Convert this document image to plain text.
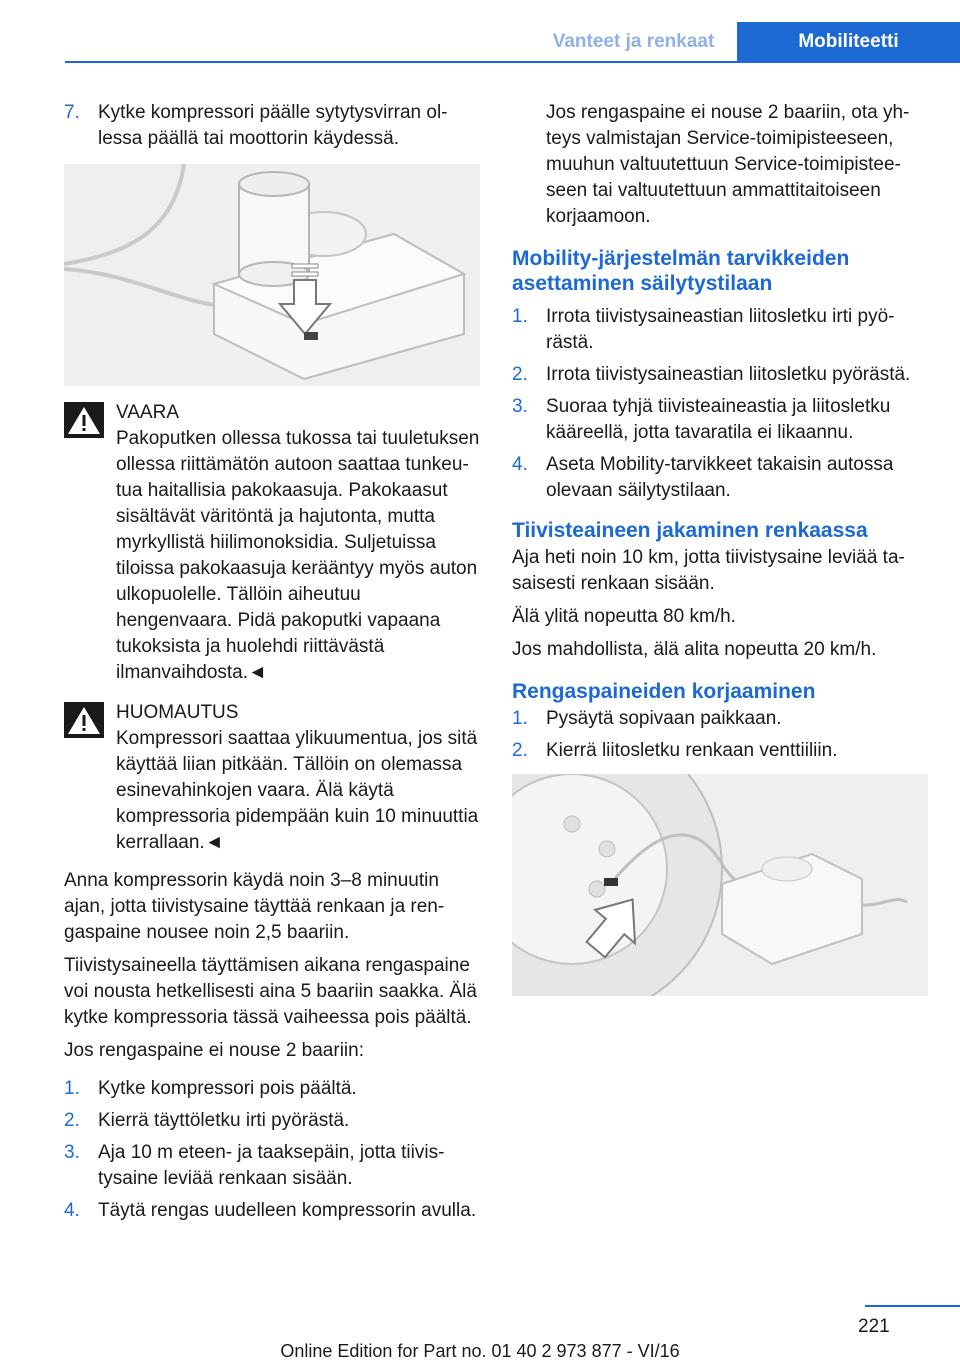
Vanteet ja renkaat	Mobiliteetti
7. Kytke kompressori päälle sytytysvirran ollessa päällä tai moottorin käydessä.
VAARA
Pakoputken ollessa tukossa tai tuuletuksen ollessa riittämätön autoon saattaa tunkeutua haitallisia pakokaasuja. Pakokaasut sisältävät väritöntä ja hajutonta, mutta myrkyllistä hiilimonoksidia. Suljetuissa tiloissa pakokaasuja kerääntyy myös auton ulkopuolelle. Tällöin aiheutuu hengenvaara. Pidä pakoputki vapaana tukoksista ja huolehdi riittävästä ilmanvaihdosta.◄
HUOMAUTUS
Kompressori saattaa ylikuumentua, jos sitä käyttää liian pitkään. Tällöin on olemassa esinevahinkojen vaara. Älä käytä kompressoria pidempään kuin 10 minuuttia kerrallaan.◄

Anna kompressorin käydä noin 3–8 minuutin ajan, jotta tiivistysaine täyttää renkaan ja rengaspaine nousee noin 2,5 baariin.

Tiivistysaineella täyttämisen aikana rengaspaine voi nousta hetkellisesti aina 5 baariin saakka. Älä kytke kompressoria tässä vaiheessa pois päältä.

Jos rengaspaine ei nouse 2 baariin:

1. Kytke kompressori pois päältä.
2. Kierrä täyttöletku irti pyörästä.
3. Aja 10 m eteen- ja taaksepäin, jotta tiivistysaine leviää renkaan sisään.
4. Täytä rengas uudelleen kompressorin avulla.

Jos rengaspaine ei nouse 2 baariin, ota yhteys valmistajan Service-toimipisteeseen, muuhun valtuutettuun Service-toimipisteeseen tai valtuutettuun ammattitaitoiseen korjaamoon.

Mobility-järjestelmän tarvikkeiden asettaminen säilytystilaan
1. Irrota tiivistysaineastian liitosletku irti pyörästä.
2. Irrota tiivistysaineastian liitosletku pyörästä.
3. Suoraa tyhjä tiivisteaineastia ja liitosletku kääreellä, jotta tavaratila ei likaannu.
4. Aseta Mobility-tarvikkeet takaisin autossa olevaan säilytystilaan.
Tiivisteaineen jakaminen renkaassa

Aja heti noin 10 km, jotta tiivistysaine leviää tasaisesti renkaan sisään.

Älä ylitä nopeutta 80 km/h.

Jos mahdollista, älä alita nopeutta 20 km/h.

Rengaspaineiden korjaaminen
1. Pysäytä sopivaan paikkaan.
2. Kierrä liitosletku renkaan venttiiliin.
221
Online Edition for Part no. 01 40 2 973 877 - VI/16
